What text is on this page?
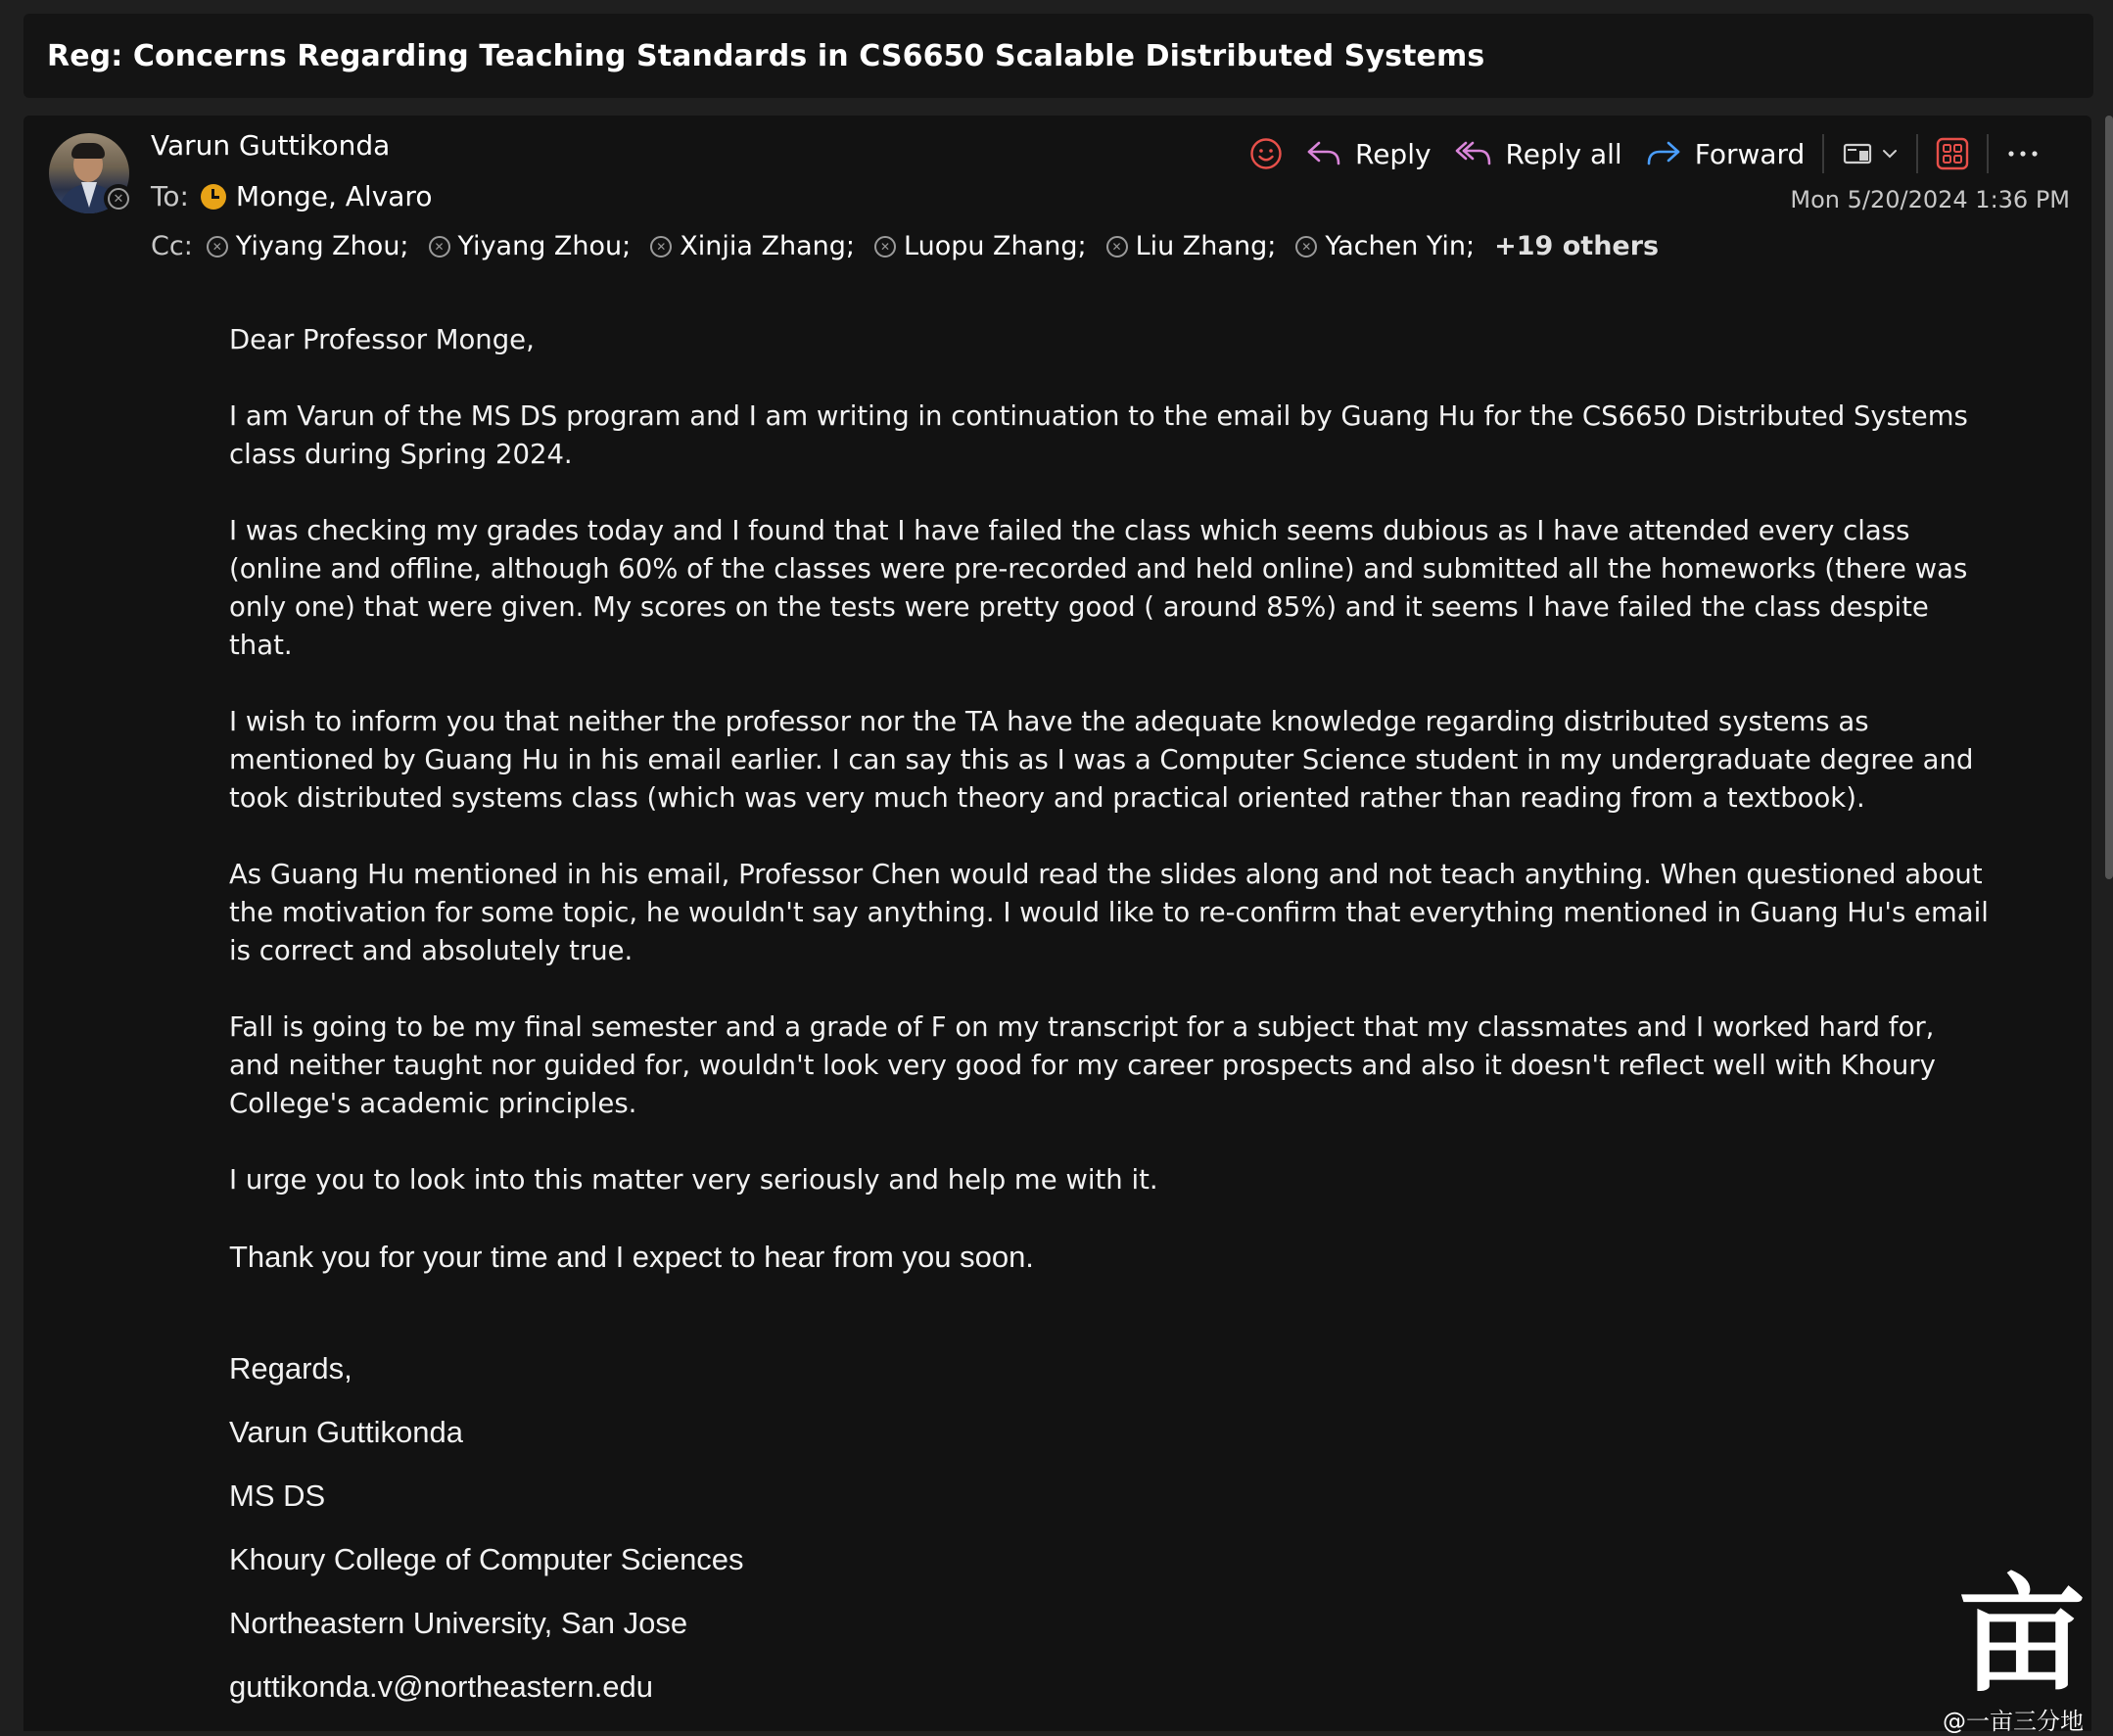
Reg: Concerns Regarding Teaching Standards in CS6650 Scalable Distributed Systems
✕
Varun Guttikonda
To: Monge, Alvaro
Cc:	✕ Yiyang Zhou;	✕ Yiyang Zhou;	✕ Xinjia Zhang;	✕ Luopu Zhang;	✕ Liu Zhang;	✕ Yachen Yin; +19 others
Reply	Reply all	Forward
Mon 5/20/2024 1:36 PM

Dear Professor Monge,

I am Varun of the MS DS program and I am writing in continuation to the email by Guang Hu for the CS6650 Distributed Systems class during Spring 2024.

I was checking my grades today and I found that I have failed the class which seems dubious as I have attended every class (online and offline, although 60% of the classes were pre-recorded and held online) and submitted all the homeworks (there was only one) that were given. My scores on the tests were pretty good ( around 85%) and it seems I have failed the class despite that.

I wish to inform you that neither the professor nor the TA have the adequate knowledge regarding distributed systems as mentioned by Guang Hu in his email earlier. I can say this as I was a Computer Science student in my undergraduate degree and took distributed systems class (which was very much theory and practical oriented rather than reading from a textbook).

As Guang Hu mentioned in his email, Professor Chen would read the slides along and not teach anything. When questioned about the motivation for some topic, he wouldn't say anything. I would like to re-confirm that everything mentioned in Guang Hu's email is correct and absolutely true.

Fall is going to be my final semester and a grade of F on my transcript for a subject that my classmates and I worked hard for, and neither taught nor guided for, wouldn't look very good for my career prospects and also it doesn't reflect well with Khoury College's academic principles.

I urge you to look into this matter very seriously and help me with it.

Thank you for your time and I expect to hear from you soon.

Regards,
Varun Guttikonda
MS DS
Khoury College of Computer Sciences
Northeastern University, San Jose
guttikonda.v@northeastern.edu	亩
@一亩三分地
